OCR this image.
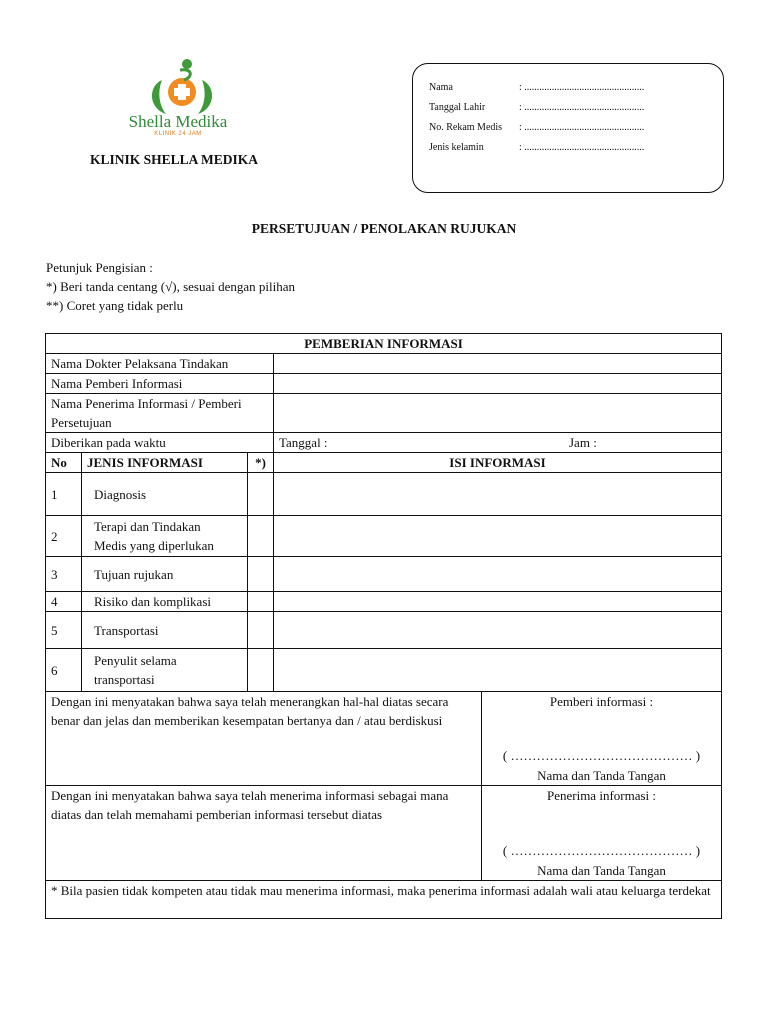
Shella Medika
KLINIK 24 JAM
KLINIK SHELLA MEDIKA
Nama	: ................................................
Tanggal Lahir	: ................................................
No. Rekam Medis : ................................................
Jenis kelamin	: ................................................
PERSETUJUAN / PENOLAKAN RUJUKAN
Petunjuk Pengisian :
*) Beri tanda centang (√), sesuai dengan pilihan
**) Coret yang tidak perlu
PEMBERIAN INFORMASI				
Nama Dokter Pelaksana Tindakan				
Nama Pemberi Informasi				

Nama Penerima Informasi / Pemberi
Persetujuan				

Diberikan pada waktu			Tanggal : Jam :	

No	JENIS INFORMASI	*)	ISI INFORMASI	
1	Diagnosis			
2	Terapi dan Tindakan
Medis yang diperlukan			

3	Tujuan rujukan			
4	Risiko dan komplikasi			
5	Transportasi			
6	Penyulit selama
transportasi			

Dengan ini menyatakan bahwa saya telah menerangkan hal-hal diatas secara benar dan jelas dan memberikan kesempatan bertanya dan / atau berdiskusi				Pemberi informasi :
( …………………………………… )
Nama dan Tanda Tangan

Dengan ini menyatakan bahwa saya telah menerima informasi sebagai mana diatas dan telah memahami pemberian informasi tersebut diatas				Penerima informasi :
( …………………………………… )
Nama dan Tanda Tangan

* Bila pasien tidak kompeten atau tidak mau menerima informasi, maka penerima informasi adalah wali atau keluarga terdekat				
